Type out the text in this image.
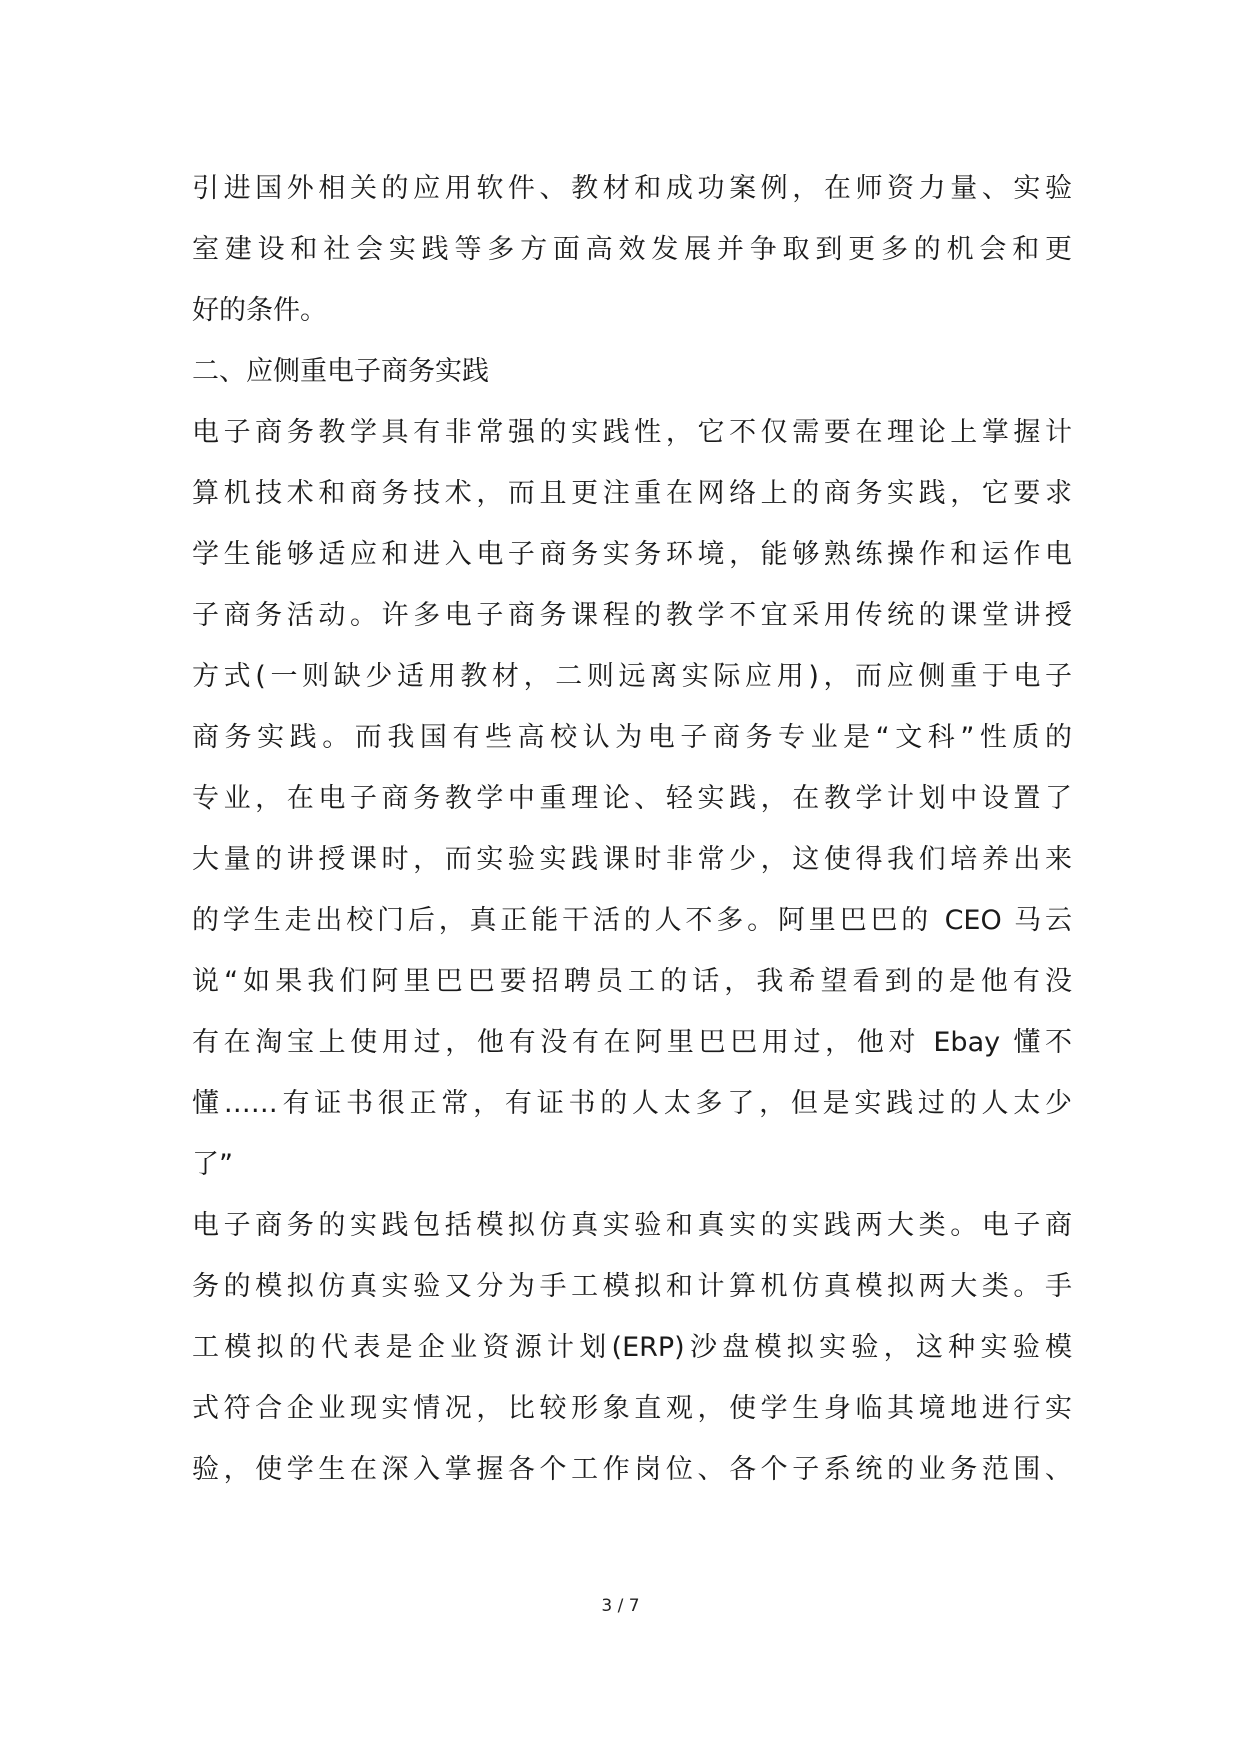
引进国外相关的应用软件、教材和成功案例，在师资力量、实验
室建设和社会实践等多方面高效发展并争取到更多的机会和更
好的条件。
二、应侧重电子商务实践
电子商务教学具有非常强的实践性，它不仅需要在理论上掌握计
算机技术和商务技术，而且更注重在网络上的商务实践，它要求
学生能够适应和进入电子商务实务环境，能够熟练操作和运作电
子商务活动。许多电子商务课程的教学不宜采用传统的课堂讲授
方式(一则缺少适用教材，二则远离实际应用)，而应侧重于电子
商务实践。而我国有些高校认为电子商务专业是“文科”性质的
专业，在电子商务教学中重理论、轻实践，在教学计划中设置了
大量的讲授课时，而实验实践课时非常少，这使得我们培养出来
的学生走出校门后，真正能干活的人不多。阿里巴巴的 CEO 马云
说“如果我们阿里巴巴要招聘员工的话，我希望看到的是他有没
有在淘宝上使用过，他有没有在阿里巴巴用过，他对 Ebay 懂不
懂……有证书很正常，有证书的人太多了，但是实践过的人太少
了”
电子商务的实践包括模拟仿真实验和真实的实践两大类。电子商
务的模拟仿真实验又分为手工模拟和计算机仿真模拟两大类。手
工模拟的代表是企业资源计划(ERP)沙盘模拟实验，这种实验模
式符合企业现实情况，比较形象直观，使学生身临其境地进行实
验，使学生在深入掌握各个工作岗位、各个子系统的业务范围、
3 / 7
